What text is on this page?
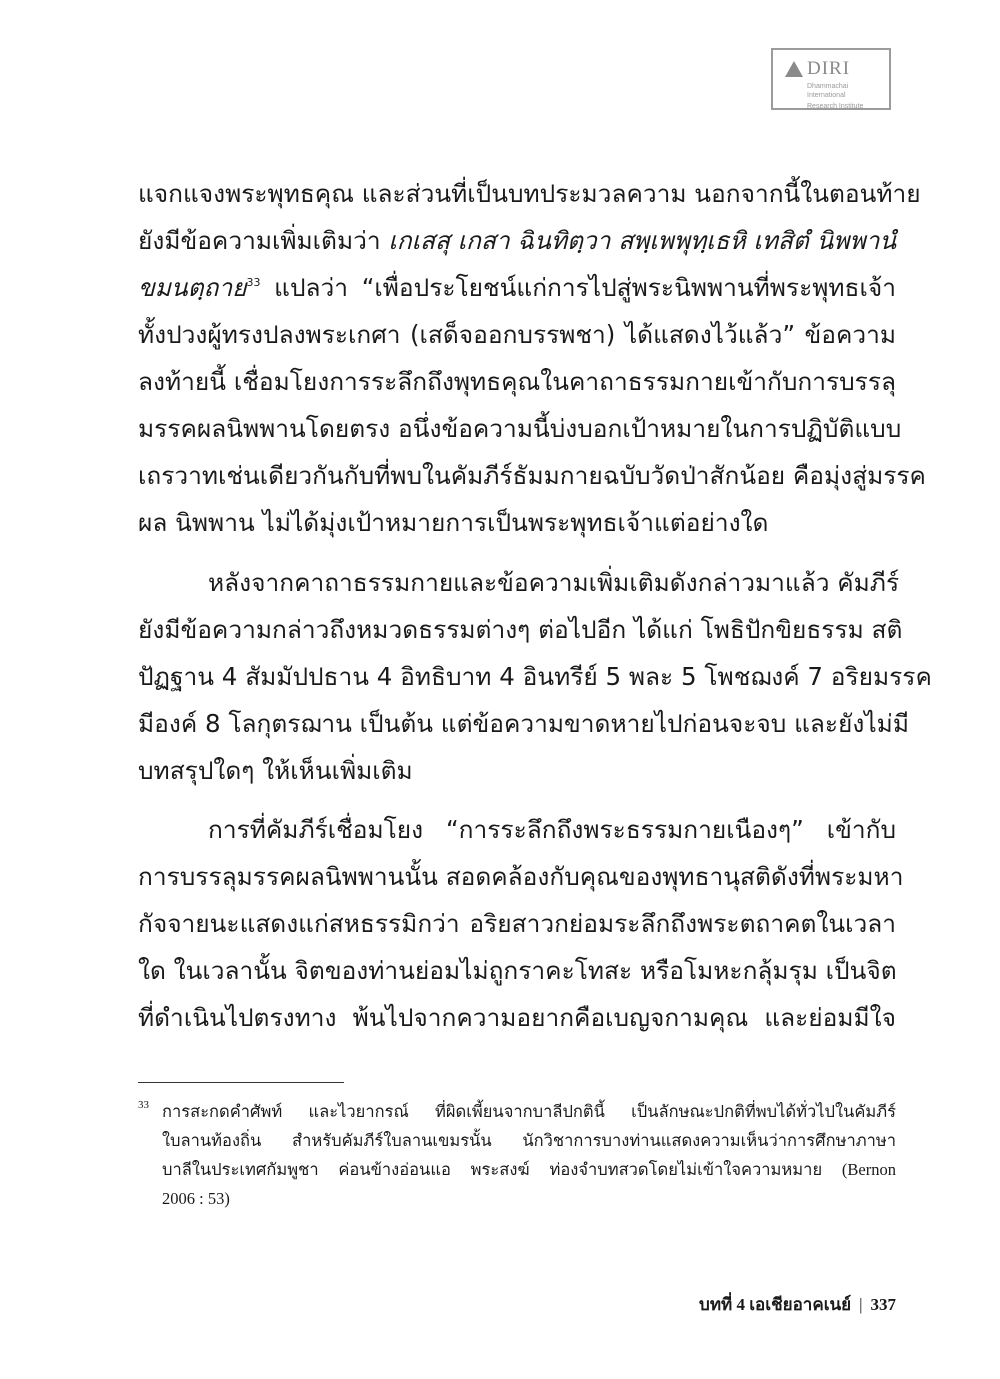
DIRI
Dhammachai International
Research Institute
แจกแจงพระพุทธคุณ และส่วนที่เป็นบทประมวลความ นอกจากนี้ในตอนท้าย
ยังมีข้อความเพิ่มเติมว่า เกเสสุ เกสา ฉินทิตฺวา สพฺเพพุทฺเธหิ เทสิตํ นิพพานํ
ขมนตฺถาย$^{33}$ แปลว่า “เพื่อประโยชน์แก่การไปสู่พระนิพพานที่พระพุทธเจ้า
ทั้งปวงผู้ทรงปลงพระเกศา (เสด็จออกบรรพชา) ได้แสดงไว้แล้ว” ข้อความ
ลงท้ายนี้ เชื่อมโยงการระลึกถึงพุทธคุณในคาถาธรรมกายเข้ากับการบรรลุ
มรรคผลนิพพานโดยตรง อนึ่งข้อความนี้บ่งบอกเป้าหมายในการปฏิบัติแบบ
เถรวาทเช่นเดียวกันกับที่พบในคัมภีร์ธัมมกายฉบับวัดป่าสักน้อย คือมุ่งสู่มรรค
ผล นิพพาน ไม่ได้มุ่งเป้าหมายการเป็นพระพุทธเจ้าแต่อย่างใด
หลังจากคาถาธรรมกายและข้อความเพิ่มเติมดังกล่าวมาแล้ว คัมภีร์
ยังมีข้อความกล่าวถึงหมวดธรรมต่างๆ ต่อไปอีก ได้แก่ โพธิปักขิยธรรม สติ
ปัฏฐาน 4 สัมมัปปธาน 4 อิทธิบาท 4 อินทรีย์ 5 พละ 5 โพชฌงค์ 7 อริยมรรค
มีองค์ 8 โลกุตรฌาน เป็นต้น แต่ข้อความขาดหายไปก่อนจะจบ และยังไม่มี
บทสรุปใดๆ ให้เห็นเพิ่มเติม
การที่คัมภีร์เชื่อมโยง “การระลึกถึงพระธรรมกายเนืองๆ” เข้ากับ
การบรรลุมรรคผลนิพพานนั้น สอดคล้องกับคุณของพุทธานุสติดังที่พระมหา
กัจจายนะแสดงแก่สหธรรมิกว่า อริยสาวกย่อมระลึกถึงพระตถาคตในเวลา
ใด ในเวลานั้น จิตของท่านย่อมไม่ถูกราคะโทสะ หรือโมหะกลุ้มรุม เป็นจิต
ที่ดำเนินไปตรงทาง พ้นไปจากความอยากคือเบญจกามคุณ และย่อมมีใจ
33 การสะกดคำศัพท์ และไวยากรณ์ ที่ผิดเพี้ยนจากบาลีปกตินี้ เป็นลักษณะปกติที่พบได้ทั่วไปในคัมภีร์
ใบลานท้องถิ่น สำหรับคัมภีร์ใบลานเขมรนั้น นักวิชาการบางท่านแสดงความเห็นว่าการศึกษาภาษา
บาลีในประเทศกัมพูชา ค่อนข้างอ่อนแอ พระสงฆ์ ท่องจำบทสวดโดยไม่เข้าใจความหมาย (Bernon
2006 : 53)
บทที่ 4 เอเชียอาคเนย์ | 337
